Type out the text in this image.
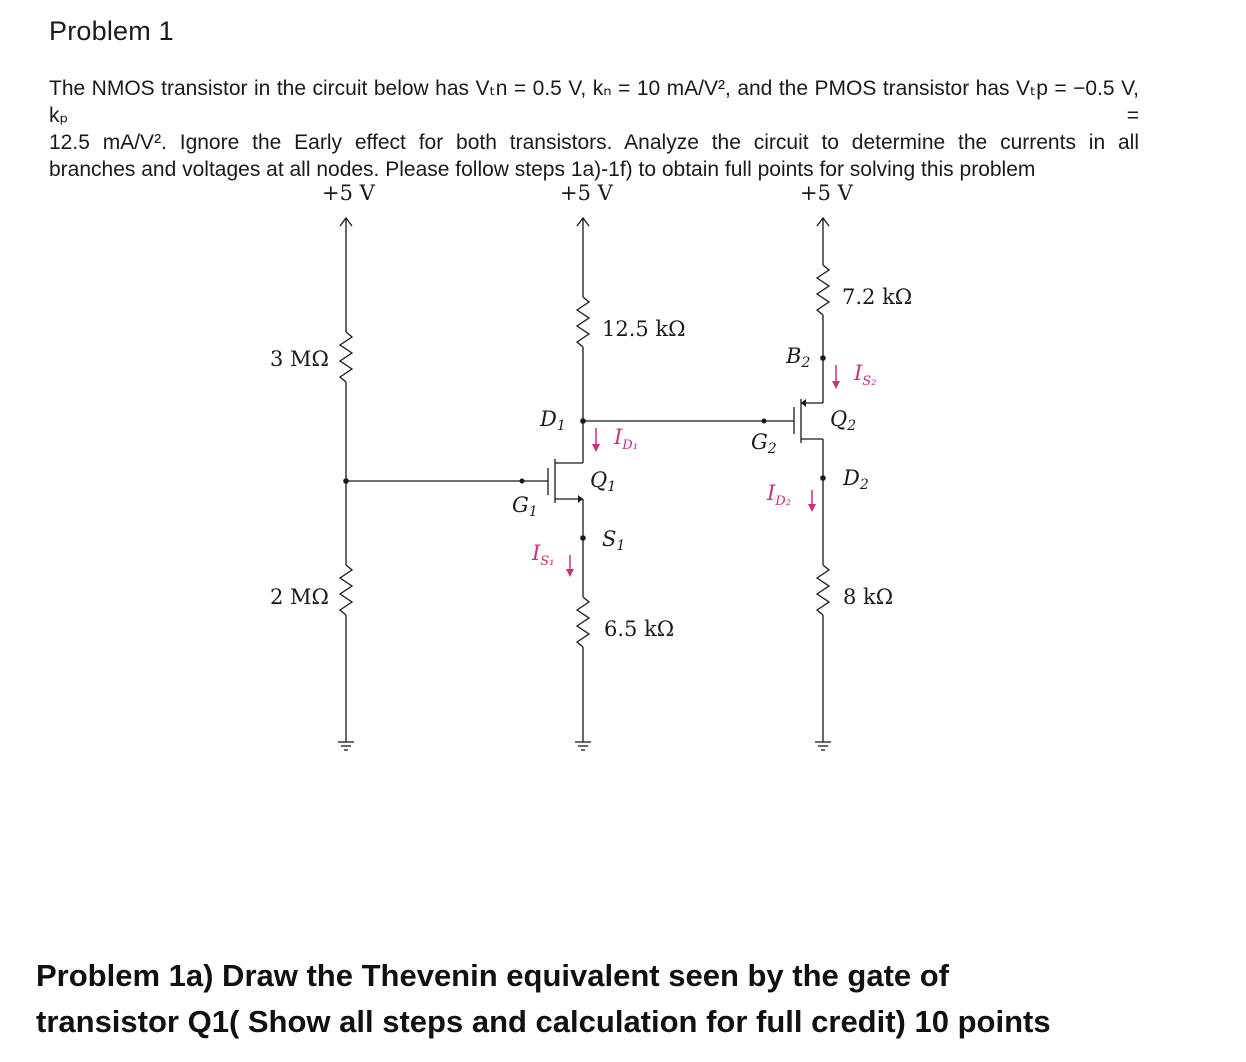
Problem 1
The NMOS transistor in the circuit below has Vₜn = 0.5 V, kₙ = 10 mA/V², and the PMOS transistor has Vₜp = −0.5 V, kₚ =
12.5 mA/V². Ignore the Early effect for both transistors. Analyze the circuit to determine the currents in all
branches and voltages at all nodes. Please follow steps 1a)-1f) to obtain full points for solving this problem
+5 V	+5 V	+5 V
3 MΩ
2 MΩ
12.5 kΩ
6.5 kΩ
D1
G1
S1
Q1
$I_{D_1}$
$I_{S_1}$
7.2 kΩ
8 kΩ
B2
G2
D2
Q2
$I_{S_2}$
$I_{D_2}$
Problem 1a) Draw the Thevenin equivalent seen by the gate of
transistor Q1( Show all steps and calculation for full credit) 10 points
